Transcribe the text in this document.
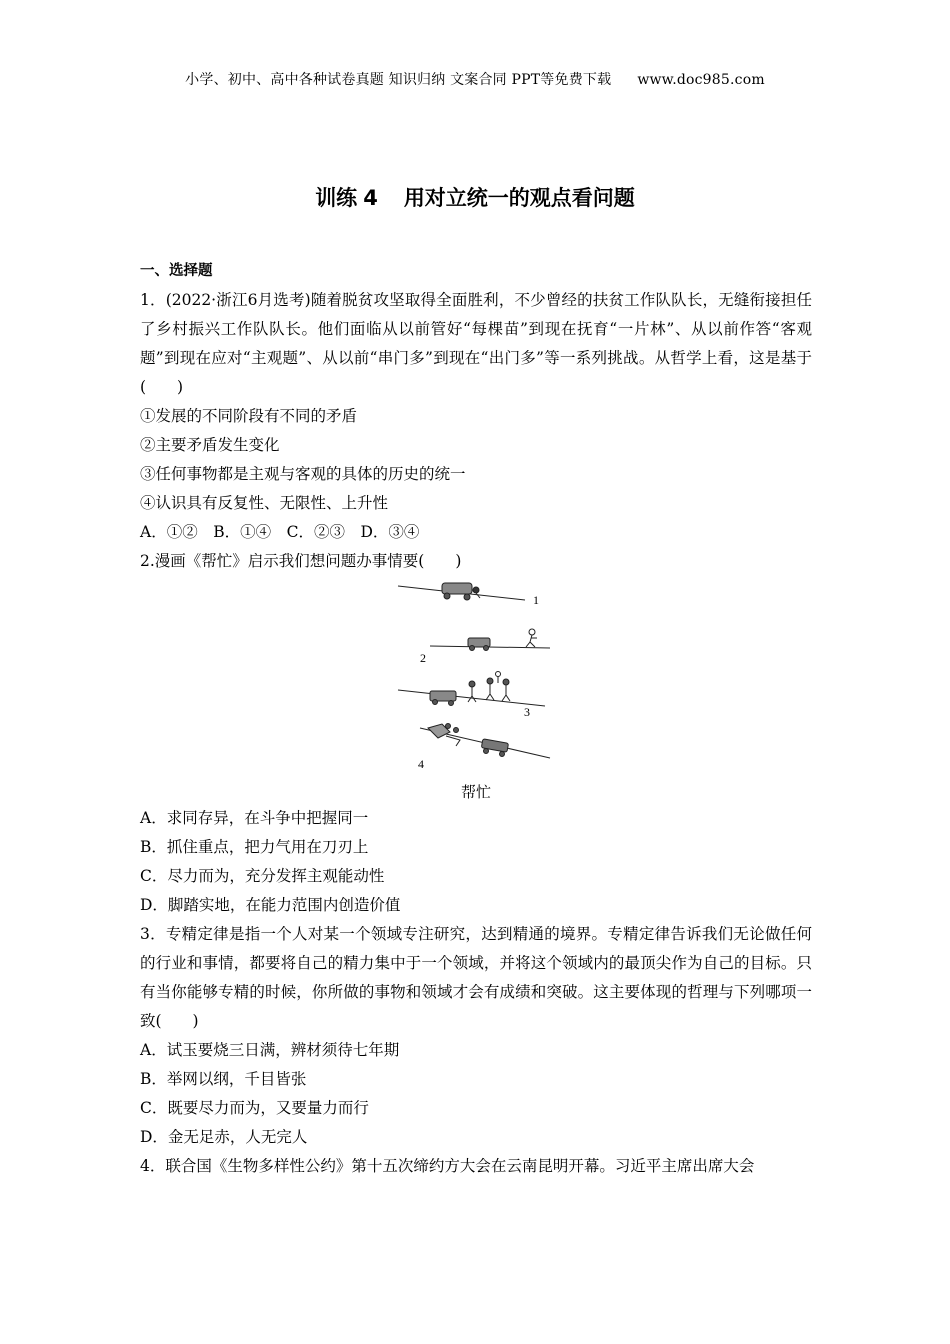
小学、初中、高中各种试卷真题 知识归纳 文案合同 PPT等免费下载 www.doc985.com
训练 4 用对立统一的观点看问题

一、选择题

1．(2022·浙江6月选考)随着脱贫攻坚取得全面胜利，不少曾经的扶贫工作队队长，无缝衔接担任了乡村振兴工作队队长。他们面临从以前管好“每棵苗”到现在抚育“一片林”、从以前作答“客观题”到现在应对“主观题”、从以前“串门多”到现在“出门多”等一系列挑战。从哲学上看，这是基于(　　)

①发展的不同阶段有不同的矛盾

②主要矛盾发生变化

③任何事物都是主观与客观的具体的历史的统一

④认识具有反复性、无限性、上升性

A．①②　B．①④　C．②③　D．③④

2.漫画《帮忙》启示我们想问题办事情要(　　)

1
2
3
4

帮忙

A．求同存异，在斗争中把握同一

B．抓住重点，把力气用在刀刃上

C．尽力而为，充分发挥主观能动性

D．脚踏实地，在能力范围内创造价值

3．专精定律是指一个人对某一个领域专注研究，达到精通的境界。专精定律告诉我们无论做任何的行业和事情，都要将自己的精力集中于一个领域，并将这个领域内的最顶尖作为自己的目标。只有当你能够专精的时候，你所做的事物和领域才会有成绩和突破。这主要体现的哲理与下列哪项一致(　　)

A．试玉要烧三日满，辨材须待七年期

B．举网以纲，千目皆张

C．既要尽力而为，又要量力而行

D．金无足赤，人无完人

4．联合国《生物多样性公约》第十五次缔约方大会在云南昆明开幕。习近平主席出席大会
